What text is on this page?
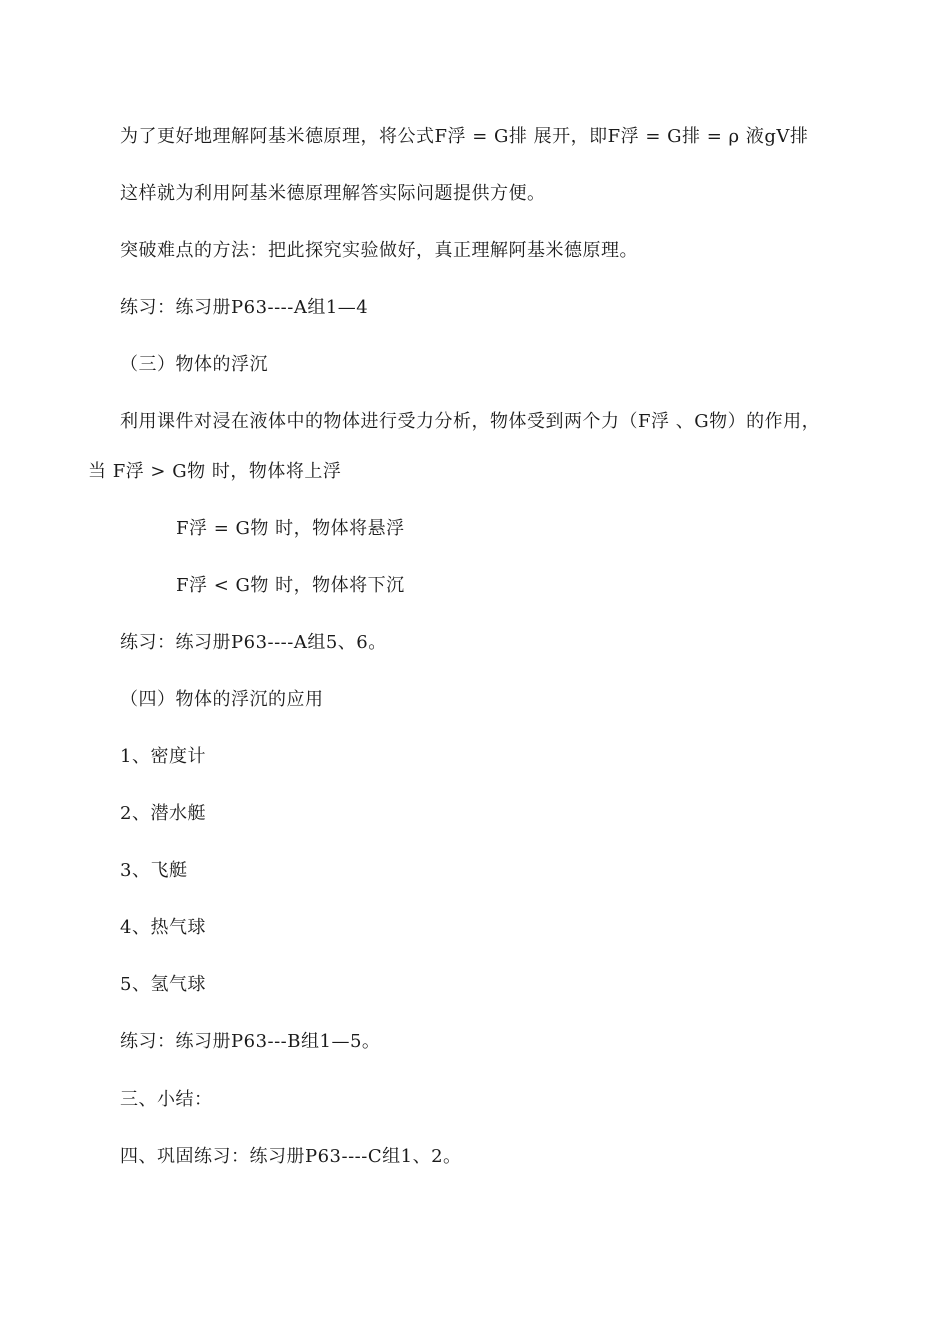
为了更好地理解阿基米德原理，将公式F浮 = G排 展开，即F浮 = G排 = ρ 液gV排
这样就为利用阿基米德原理解答实际问题提供方便。
突破难点的方法：把此探究实验做好，真正理解阿基米德原理。
练习：练习册P63----A组1—4
（三）物体的浮沉
利用课件对浸在液体中的物体进行受力分析，物体受到两个力（F浮 、G物）的作用，
当 F浮 > G物 时，物体将上浮
F浮 = G物 时，物体将悬浮
F浮 < G物 时，物体将下沉
练习：练习册P63----A组5、6。
（四）物体的浮沉的应用
1、密度计
2、潜水艇
3、飞艇
4、热气球
5、氢气球
练习：练习册P63---B组1—5。
三、小结：
四、巩固练习：练习册P63----C组1、2。
